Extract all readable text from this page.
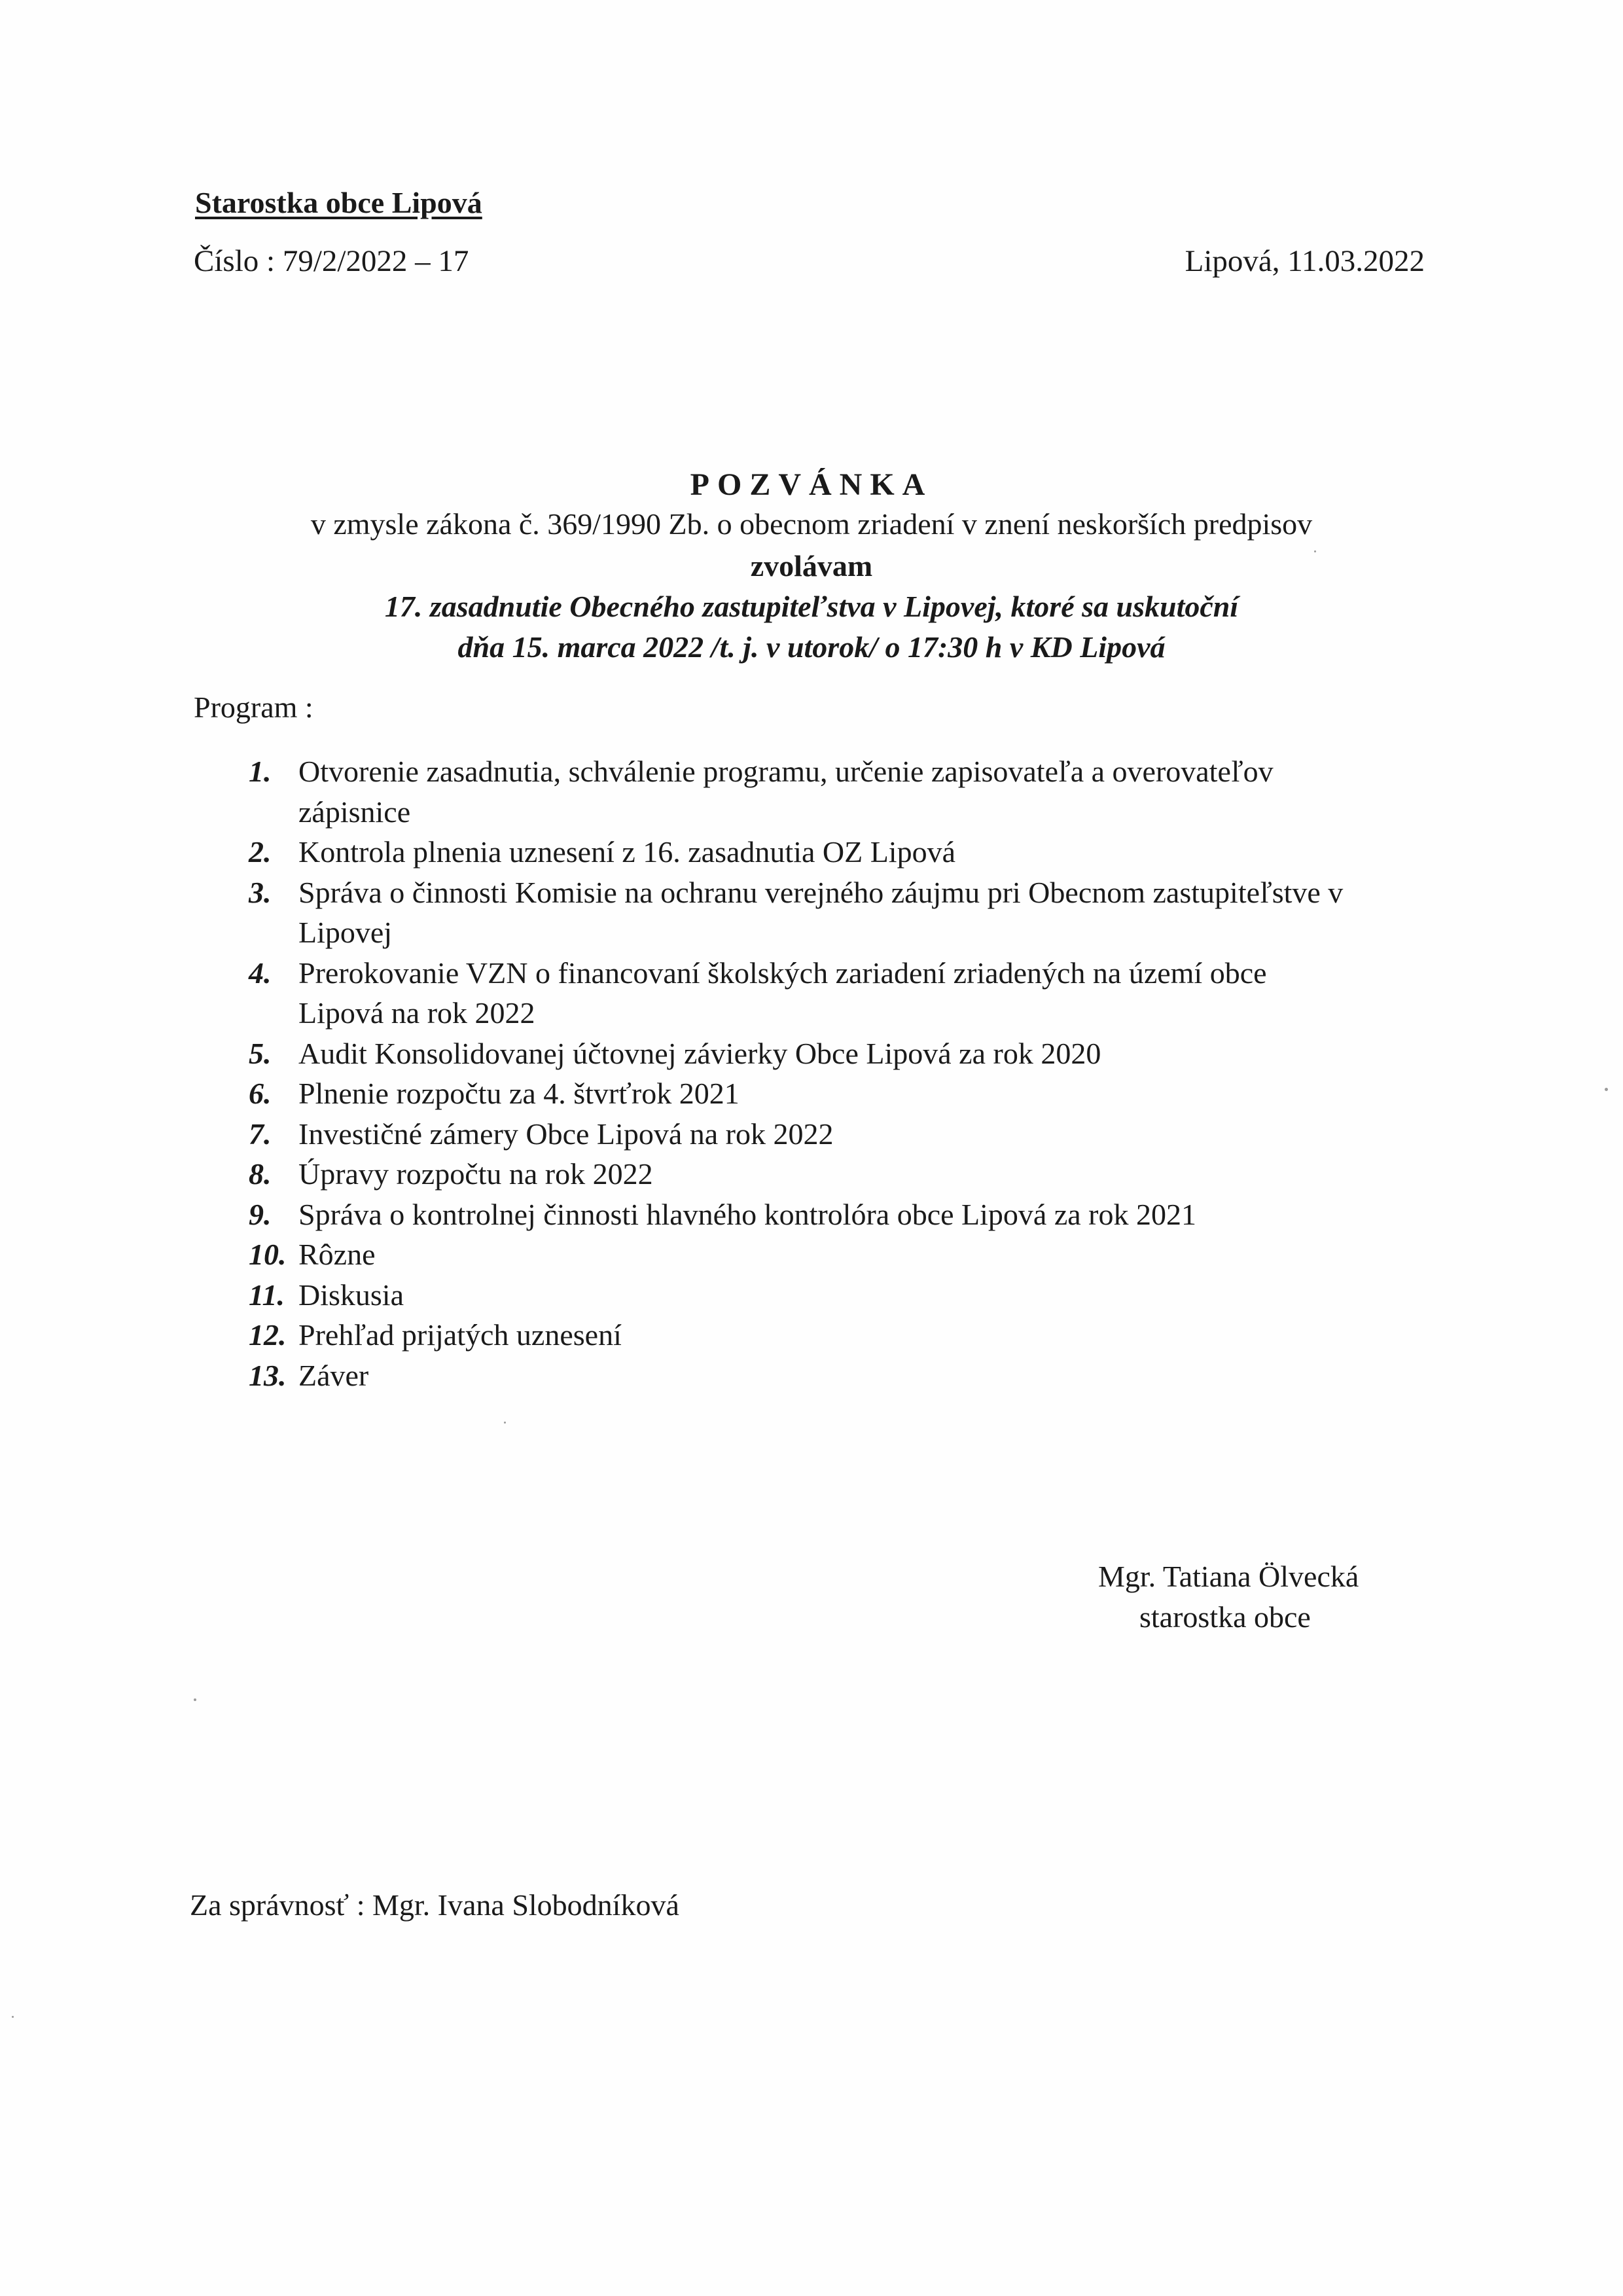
Starostka obce Lipová
Číslo : 79/2/2022 – 17	Lipová, 11.03.2022
POZVÁNKA
v zmysle zákona č. 369/1990 Zb. o obecnom zriadení v znení neskorších predpisov
zvolávam
17. zasadnutie Obecného zastupiteľstva v Lipovej, ktoré sa uskutoční
dňa 15. marca 2022 /t. j. v utorok/ o 17:30 h v KD Lipová
Program :
1. Otvorenie zasadnutia, schválenie programu, určenie zapisovateľa a overovateľov zápisnice
2. Kontrola plnenia uznesení z 16. zasadnutia OZ Lipová
3. Správa o činnosti Komisie na ochranu verejného záujmu pri Obecnom zastupiteľstve v Lipovej
4. Prerokovanie VZN o financovaní školských zariadení zriadených na území obce Lipová na rok 2022
5. Audit Konsolidovanej účtovnej závierky Obce Lipová za rok 2020
6. Plnenie rozpočtu za 4. štvrťrok 2021
7. Investičné zámery Obce Lipová na rok 2022
8. Úpravy rozpočtu na rok 2022
9. Správa o kontrolnej činnosti hlavného kontrolóra obce Lipová za rok 2021
10. Rôzne
11. Diskusia
12. Prehľad prijatých uznesení
13. Záver
Mgr. Tatiana Ölvecká
starostka obce
Za správnosť : Mgr. Ivana Slobodníková
